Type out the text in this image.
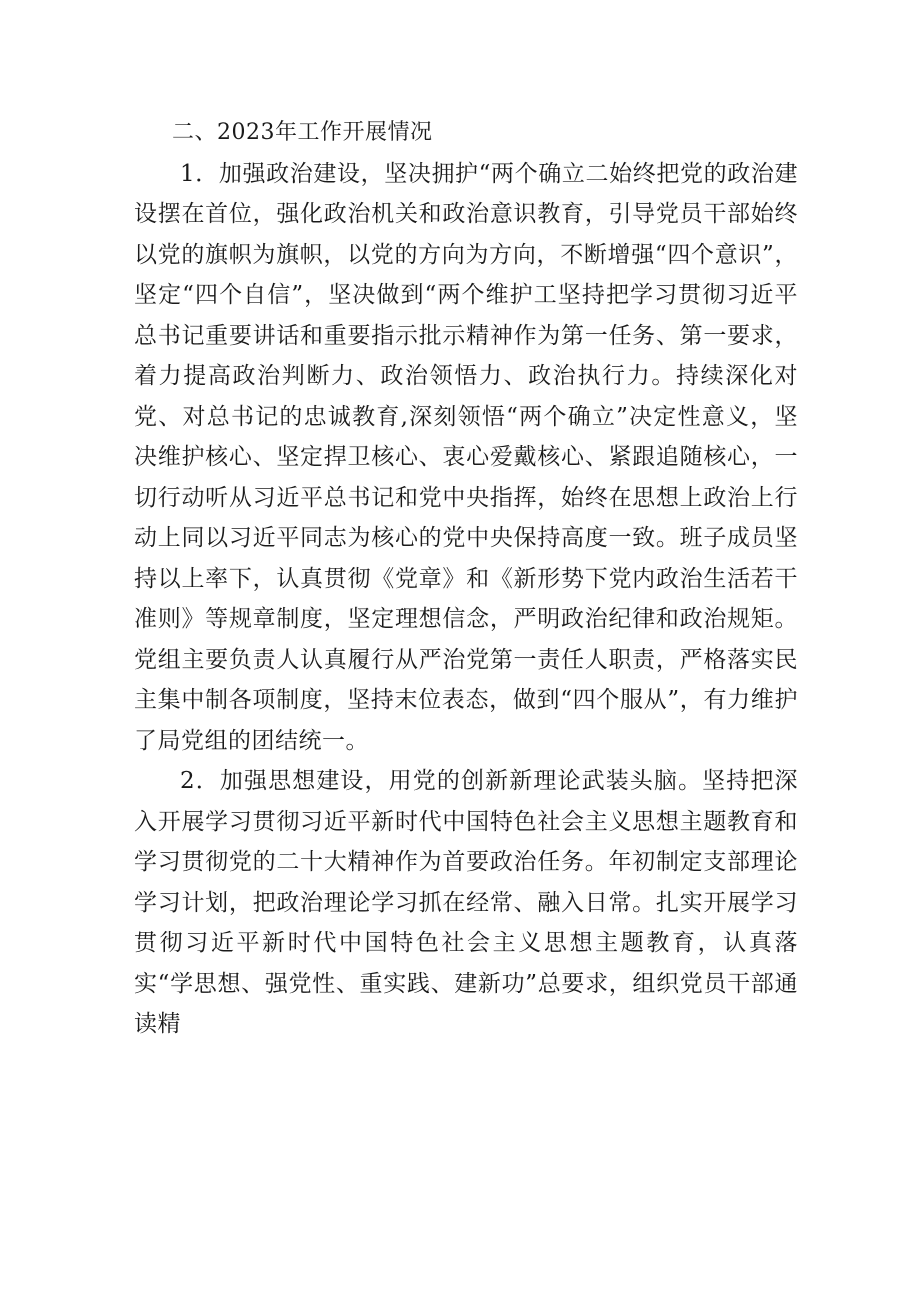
二、2023年工作开展情况

1．加强政治建设，坚决拥护“两个确立二始终把党的政治建设摆在首位，强化政治机关和政治意识教育，引导党员干部始终以党的旗帜为旗帜，以党的方向为方向，不断增强“四个意识”，坚定“四个自信”，坚决做到“两个维护工坚持把学习贯彻习近平总书记重要讲话和重要指示批示精神作为第一任务、第一要求，着力提高政治判断力、政治领悟力、政治执行力。持续深化对党、对总书记的忠诚教育,深刻领悟“两个确立”决定性意义，坚决维护核心、坚定捍卫核心、衷心爱戴核心、紧跟追随核心，一切行动听从习近平总书记和党中央指挥，始终在思想上政治上行动上同以习近平同志为核心的党中央保持高度一致。班子成员坚持以上率下，认真贯彻《党章》和《新形势下党内政治生活若干准则》等规章制度，坚定理想信念，严明政治纪律和政治规矩。党组主要负责人认真履行从严治党第一责任人职责，严格落实民主集中制各项制度，坚持末位表态，做到“四个服从”，有力维护了局党组的团结统一。

2．加强思想建设，用党的创新新理论武装头脑。坚持把深入开展学习贯彻习近平新时代中国特色社会主义思想主题教育和学习贯彻党的二十大精神作为首要政治任务。年初制定支部理论学习计划，把政治理论学习抓在经常、融入日常。扎实开展学习贯彻习近平新时代中国特色社会主义思想主题教育，认真落实“学思想、强党性、重实践、建新功”总要求，组织党员干部通读精
